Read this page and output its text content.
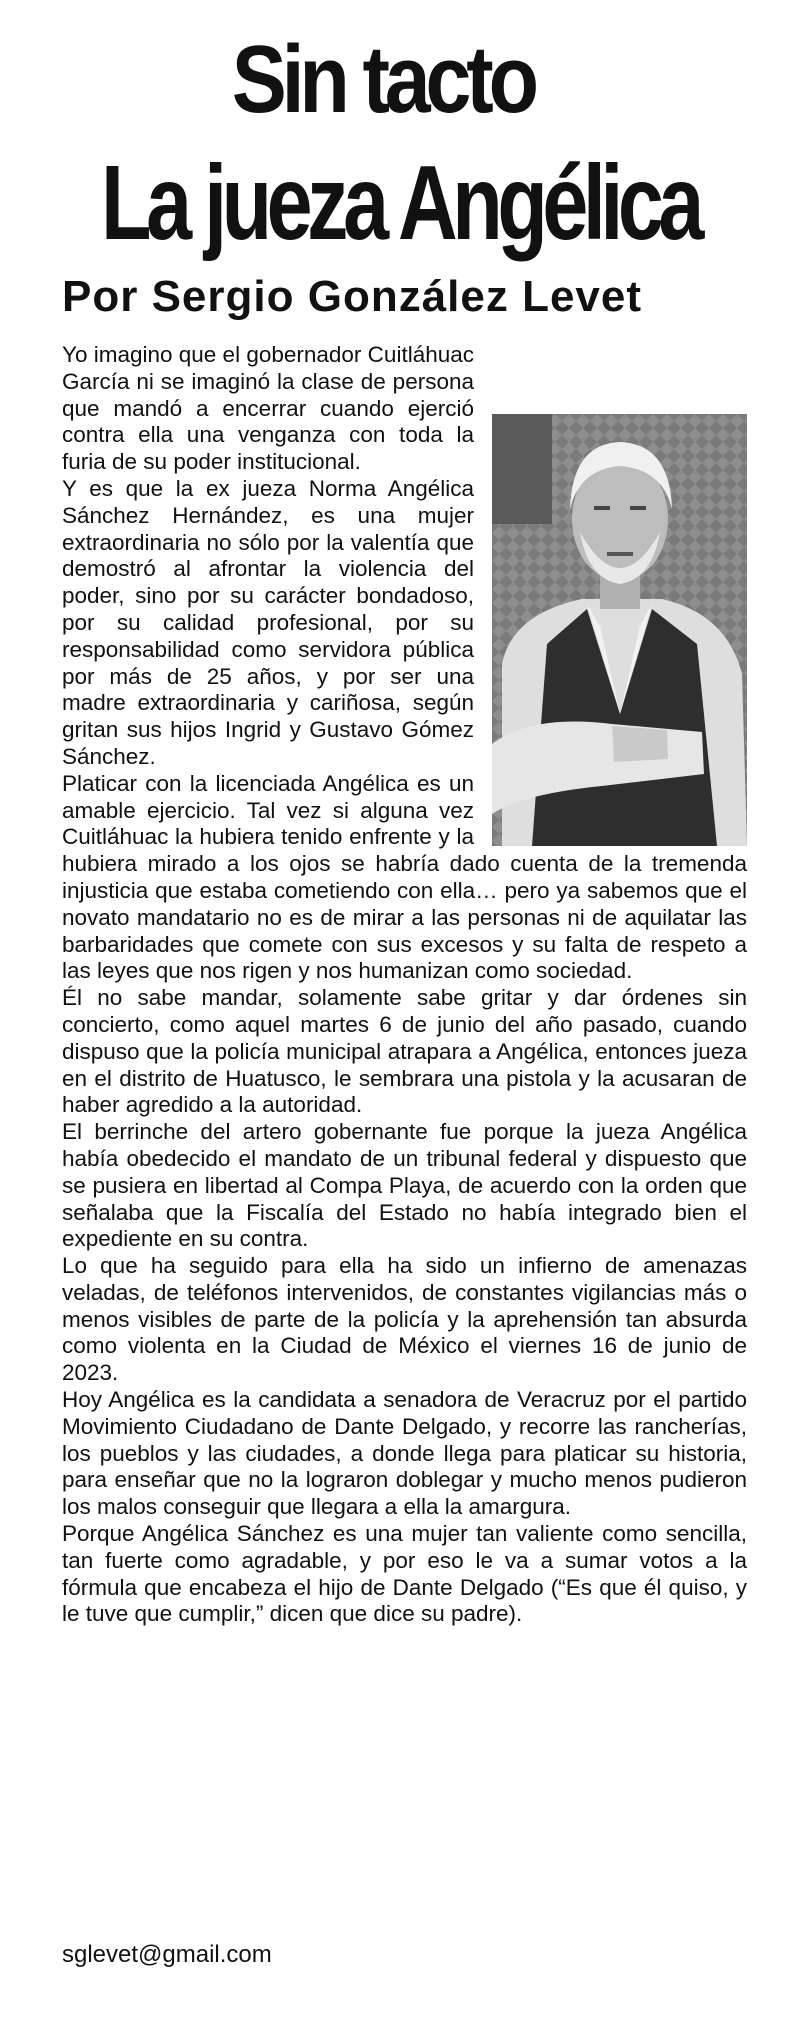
Sin tacto
La jueza Angélica
Por Sergio González Levet

Yo imagino que el gobernador Cuitláhuac García ni se imaginó la clase de persona que mandó a encerrar cuando ejerció contra ella una venganza con toda la furia de su poder institucional.

Y es que la ex jueza Norma Angélica Sánchez Hernández, es una mujer extraordinaria no sólo por la valentía que demostró al afrontar la violencia del poder, sino por su carácter bondadoso, por su calidad profesional, por su responsabilidad como servidora pública por más de 25 años, y por ser una madre extraordinaria y cariñosa, según gritan sus hijos Ingrid y Gustavo Gómez Sánchez.

Platicar con la licenciada Angélica es un amable ejercicio. Tal vez si alguna vez Cuitláhuac la hubiera tenido enfrente y la hubiera mirado a los ojos se habría dado cuenta de la tremenda injusticia que estaba cometiendo con ella… pero ya sabemos que el novato mandatario no es de mirar a las personas ni de aquilatar las barbaridades que comete con sus excesos y su falta de respeto a las leyes que nos rigen y nos humanizan como sociedad.

Él no sabe mandar, solamente sabe gritar y dar órdenes sin concierto, como aquel martes 6 de junio del año pasado, cuando dispuso que la policía municipal atrapara a Angélica, entonces jueza en el distrito de Huatusco, le sembrara una pistola y la acusaran de haber agredido a la autoridad.

El berrinche del artero gobernante fue porque la jueza Angélica había obedecido el mandato de un tribunal federal y dispuesto que se pusiera en libertad al Compa Playa, de acuerdo con la orden que señalaba que la Fiscalía del Estado no había integrado bien el expediente en su contra.

Lo que ha seguido para ella ha sido un infierno de amenazas veladas, de teléfonos intervenidos, de constantes vigilancias más o menos visibles de parte de la policía y la aprehensión tan absurda como violenta en la Ciudad de México el viernes 16 de junio de 2023.

Hoy Angélica es la candidata a senadora de Veracruz por el partido Movimiento Ciudadano de Dante Delgado, y recorre las rancherías, los pueblos y las ciudades, a donde llega para platicar su historia, para enseñar que no la lograron doblegar y mucho menos pudieron los malos conseguir que llegara a ella la amargura.

Porque Angélica Sánchez es una mujer tan valiente como sencilla, tan fuerte como agradable, y por eso le va a sumar votos a la fórmula que encabeza el hijo de Dante Delgado (“Es que él quiso, y le tuve que cumplir,” dicen que dice su padre).

sglevet@gmail.com
